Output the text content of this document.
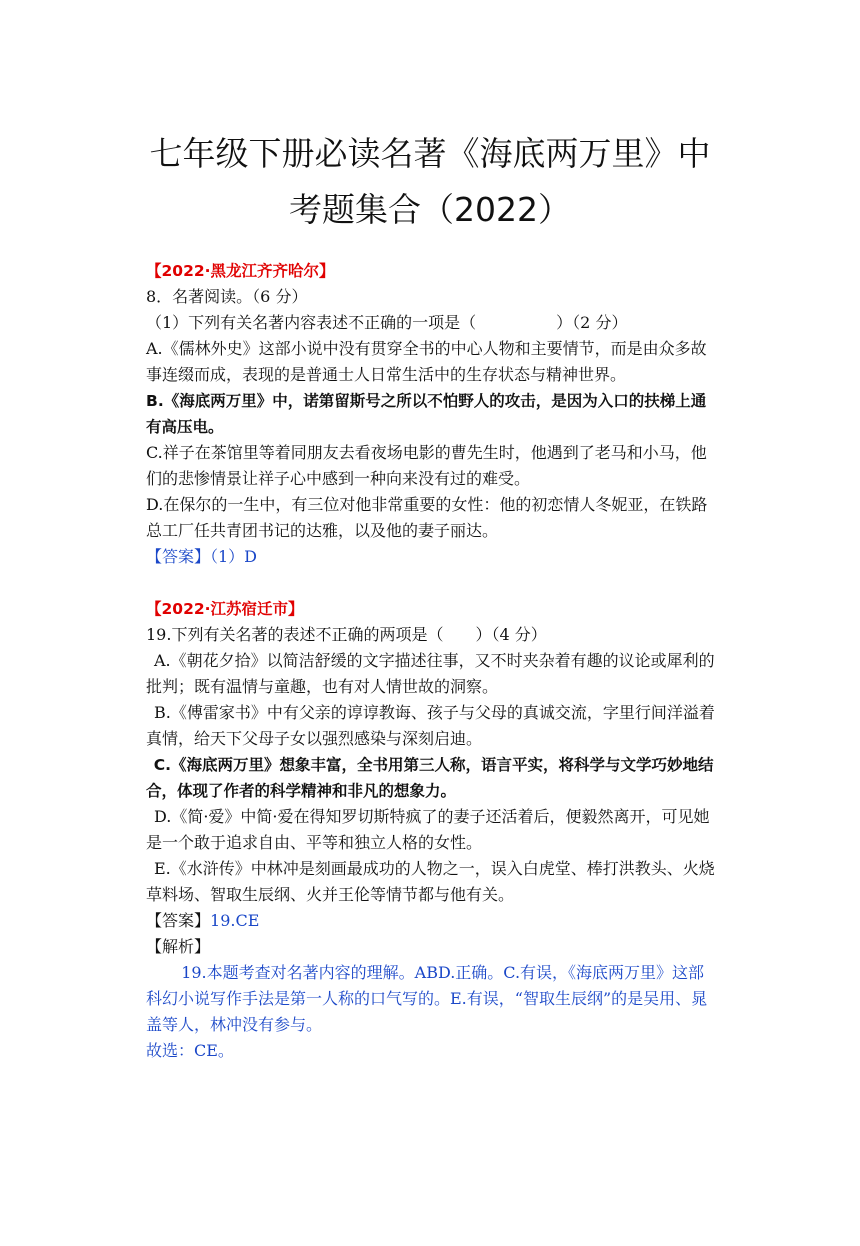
七年级下册必读名著《海底两万里》中考题集合（2022）

【2022·黑龙江齐齐哈尔】

8．名著阅读。（6 分）

（1）下列有关名著内容表述不正确的一项是（　　　　　）（2 分）

A.《儒林外史》这部小说中没有贯穿全书的中心人物和主要情节，而是由众多故事连缀而成，表现的是普通士人日常生活中的生存状态与精神世界。

B.《海底两万里》中，诺第留斯号之所以不怕野人的攻击，是因为入口的扶梯上通有高压电。

C.祥子在茶馆里等着同朋友去看夜场电影的曹先生时，他遇到了老马和小马，他们的悲惨情景让祥子心中感到一种向来没有过的难受。

D.在保尔的一生中，有三位对他非常重要的女性：他的初恋情人冬妮亚，在铁路总工厂任共青团书记的达雅，以及他的妻子丽达。

【答案】（1）D

【2022·江苏宿迁市】

19.下列有关名著的表述不正确的两项是（　　）（4 分）

A.《朝花夕拾》以简洁舒缓的文字描述往事，又不时夹杂着有趣的议论或犀利的批判；既有温情与童趣，也有对人情世故的洞察。

B.《傅雷家书》中有父亲的谆谆教诲、孩子与父母的真诚交流，字里行间洋溢着真情，给天下父母子女以强烈感染与深刻启迪。

C.《海底两万里》想象丰富，全书用第三人称，语言平实，将科学与文学巧妙地结合，体现了作者的科学精神和非凡的想象力。

D.《简·爱》中简·爱在得知罗切斯特疯了的妻子还活着后，便毅然离开，可见她是一个敢于追求自由、平等和独立人格的女性。

E.《水浒传》中林冲是刻画最成功的人物之一，误入白虎堂、棒打洪教头、火烧草料场、智取生辰纲、火并王伦等情节都与他有关。

【答案】19.CE

【解析】

19.本题考查对名著内容的理解。ABD.正确。C.有误，《海底两万里》这部科幻小说写作手法是第一人称的口气写的。E.有误，“智取生辰纲”的是吴用、晁盖等人，林冲没有参与。

故选：CE。
